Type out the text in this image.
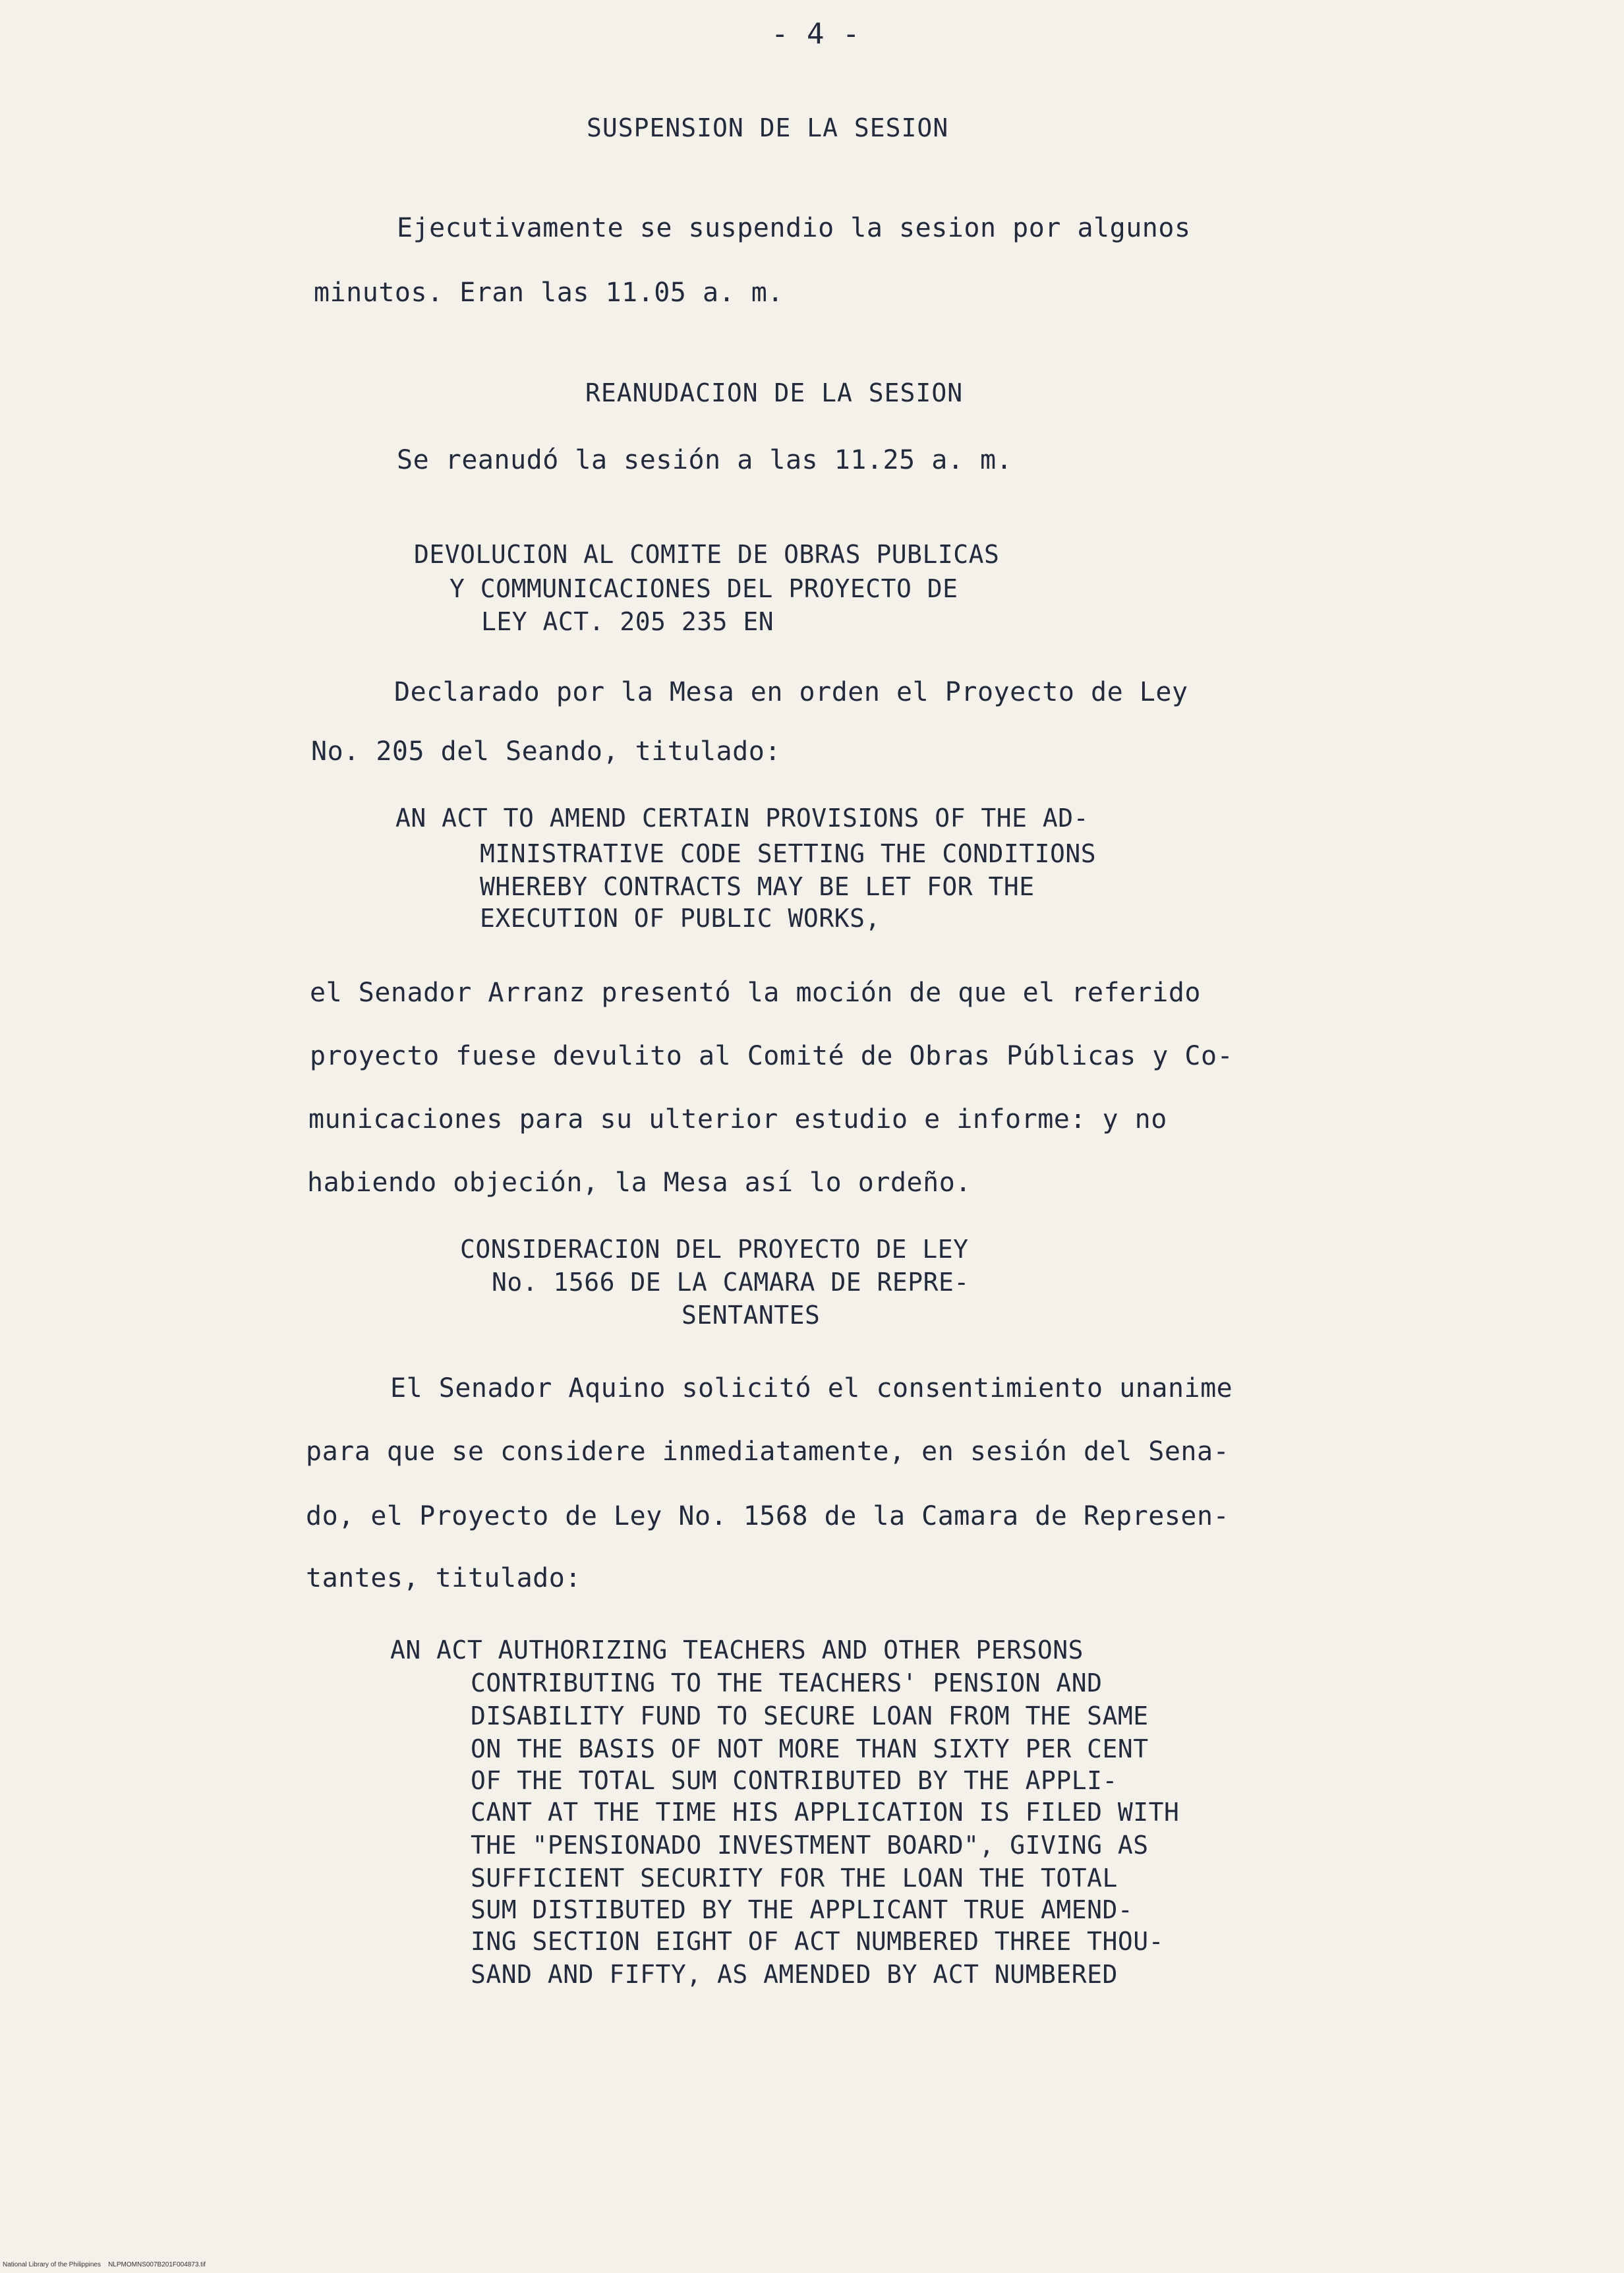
- 4 -
SUSPENSION DE LA SESION
Ejecutivamente se suspendio la sesion por algunos
minutos. Eran las 11.05 a. m.
REANUDACION DE LA SESION
Se reanudó la sesión a las 11.25 a. m.
DEVOLUCION AL COMITE DE OBRAS PUBLICAS
Y COMMUNICACIONES DEL PROYECTO DE
LEY ACT. 205 235 EN
Declarado por la Mesa en orden el Proyecto de Ley
No. 205 del Seando, titulado:
AN ACT TO AMEND CERTAIN PROVISIONS OF THE AD-
MINISTRATIVE CODE SETTING THE CONDITIONS
WHEREBY CONTRACTS MAY BE LET FOR THE
EXECUTION OF PUBLIC WORKS,
el Senador Arranz presentó la moción de que el referido
proyecto fuese devulito al Comité de Obras Públicas y Co-
municaciones para su ulterior estudio e informe: y no
habiendo objeción, la Mesa así lo ordeño.
CONSIDERACION DEL PROYECTO DE LEY
No. 1566 DE LA CAMARA DE REPRE-
SENTANTES
El Senador Aquino solicitó el consentimiento unanime
para que se considere inmediatamente, en sesión del Sena-
do, el Proyecto de Ley No. 1568 de la Camara de Represen-
tantes, titulado:
AN ACT AUTHORIZING TEACHERS AND OTHER PERSONS
CONTRIBUTING TO THE TEACHERS' PENSION AND
DISABILITY FUND TO SECURE LOAN FROM THE SAME
ON THE BASIS OF NOT MORE THAN SIXTY PER CENT
OF THE TOTAL SUM CONTRIBUTED BY THE APPLI-
CANT AT THE TIME HIS APPLICATION IS FILED WITH
THE "PENSIONADO INVESTMENT BOARD", GIVING AS
SUFFICIENT SECURITY FOR THE LOAN THE TOTAL
SUM DISTIBUTED BY THE APPLICANT TRUE AMEND-
ING SECTION EIGHT OF ACT NUMBERED THREE THOU-
SAND AND FIFTY, AS AMENDED BY ACT NUMBERED
National Library of the Philippines    NLPMOMNS007B201F004873.tif
